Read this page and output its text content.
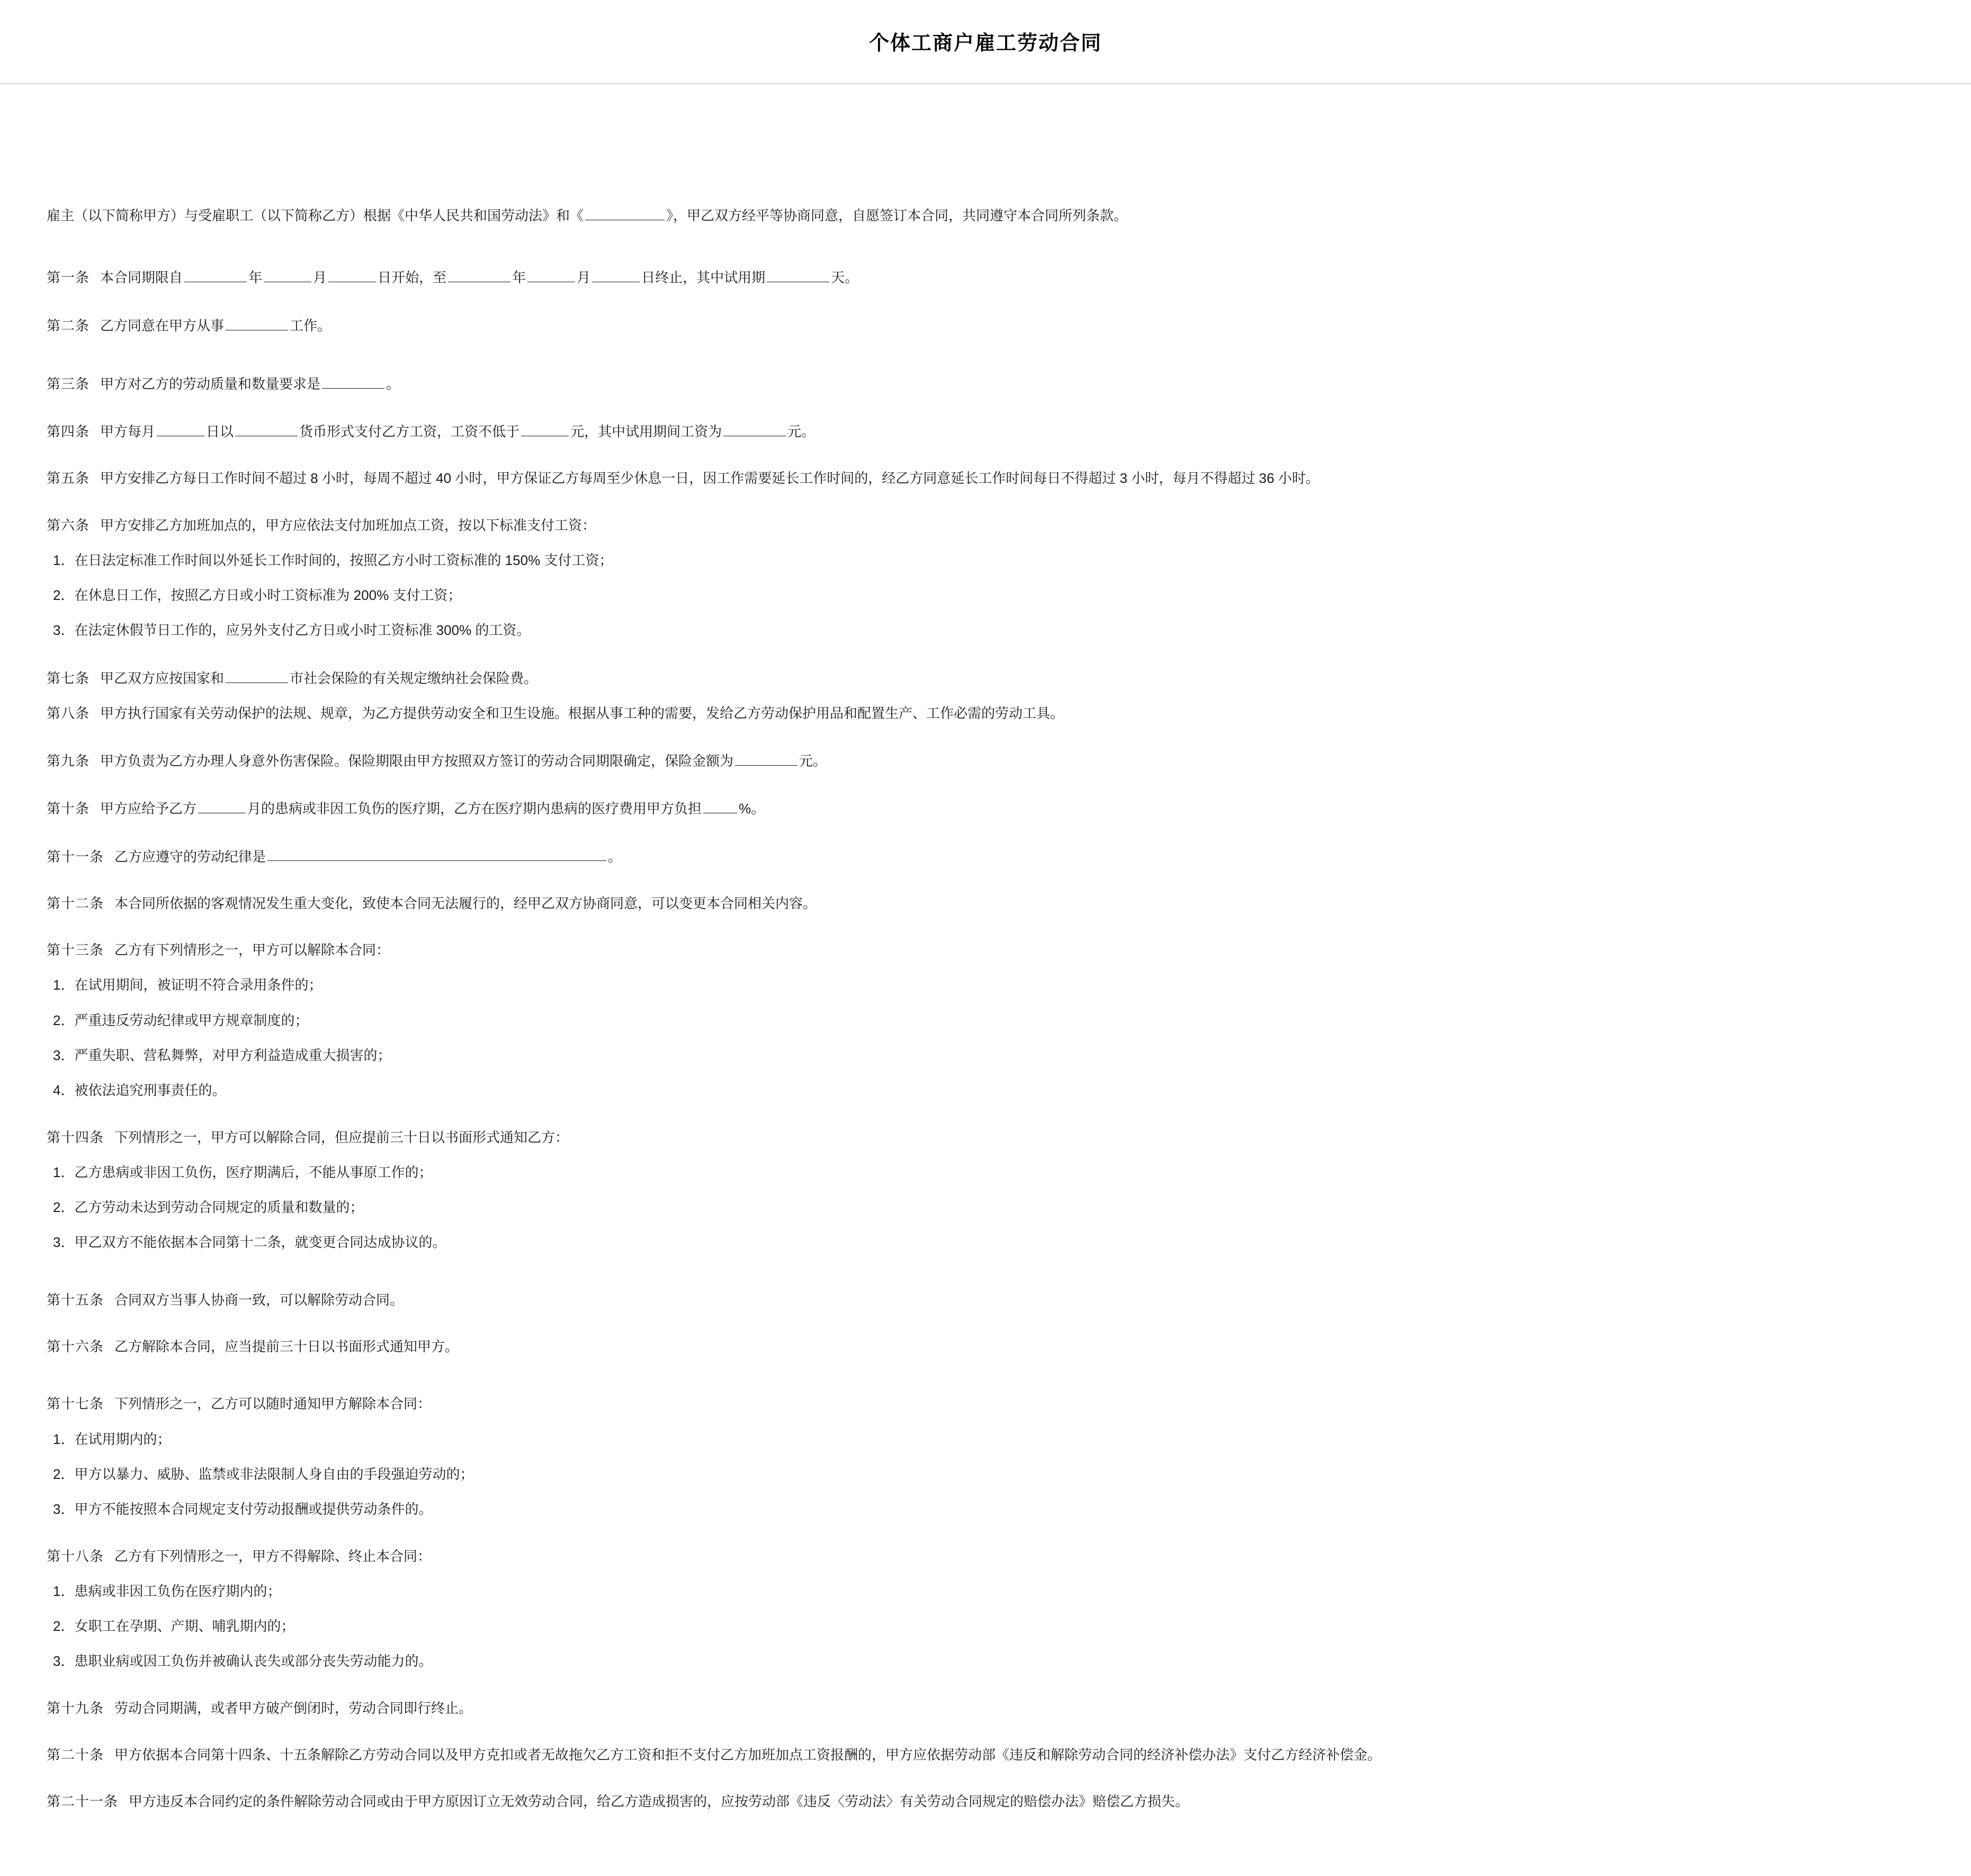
个体工商户雇工劳动合同

雇主（以下简称甲方）与受雇职工（以下简称乙方）根据《中华人民共和国劳动法》和《	》，甲乙双方经平等协商同意，自愿签订本合同，共同遵守本合同所列条款。

第一条 本合同期限自	年	月	日开始，至	年	月	日终止，其中试用期	天。

第二条 乙方同意在甲方从事	工作。

第三条 甲方对乙方的劳动质量和数量要求是	。

第四条 甲方每月	日以	货币形式支付乙方工资，工资不低于	元，其中试用期间工资为	元。

第五条 甲方安排乙方每日工作时间不超过 8 小时，每周不超过 40 小时，甲方保证乙方每周至少休息一日，因工作需要延长工作时间的，经乙方同意延长工作时间每日不得超过 3 小时，每月不得超过 36 小时。

第六条 甲方安排乙方加班加点的，甲方应依法支付加班加点工资，按以下标准支付工资：

1．在日法定标准工作时间以外延长工作时间的，按照乙方小时工资标准的 150% 支付工资；

2．在休息日工作，按照乙方日或小时工资标准为 200% 支付工资；

3．在法定休假节日工作的，应另外支付乙方日或小时工资标准 300% 的工资。

第七条 甲乙双方应按国家和	市社会保险的有关规定缴纳社会保险费。

第八条 甲方执行国家有关劳动保护的法规、规章，为乙方提供劳动安全和卫生设施。根据从事工种的需要，发给乙方劳动保护用品和配置生产、工作必需的劳动工具。

第九条 甲方负责为乙方办理人身意外伤害保险。保险期限由甲方按照双方签订的劳动合同期限确定，保险金额为	元。

第十条 甲方应给予乙方	月的患病或非因工负伤的医疗期，乙方在医疗期内患病的医疗费用甲方负担	%。

第十一条 乙方应遵守的劳动纪律是	。

第十二条 本合同所依据的客观情况发生重大变化，致使本合同无法履行的，经甲乙双方协商同意，可以变更本合同相关内容。

第十三条 乙方有下列情形之一，甲方可以解除本合同：

1．在试用期间，被证明不符合录用条件的；

2．严重违反劳动纪律或甲方规章制度的；

3．严重失职、营私舞弊，对甲方利益造成重大损害的；

4．被依法追究刑事责任的。

第十四条 下列情形之一，甲方可以解除合同，但应提前三十日以书面形式通知乙方：

1．乙方患病或非因工负伤，医疗期满后，不能从事原工作的；

2．乙方劳动未达到劳动合同规定的质量和数量的；

3．甲乙双方不能依据本合同第十二条，就变更合同达成协议的。

第十五条 合同双方当事人协商一致，可以解除劳动合同。

第十六条 乙方解除本合同，应当提前三十日以书面形式通知甲方。

第十七条 下列情形之一，乙方可以随时通知甲方解除本合同：

1．在试用期内的；

2．甲方以暴力、威胁、监禁或非法限制人身自由的手段强迫劳动的；

3．甲方不能按照本合同规定支付劳动报酬或提供劳动条件的。

第十八条 乙方有下列情形之一，甲方不得解除、终止本合同：

1．患病或非因工负伤在医疗期内的；

2．女职工在孕期、产期、哺乳期内的；

3．患职业病或因工负伤并被确认丧失或部分丧失劳动能力的。

第十九条 劳动合同期满，或者甲方破产倒闭时，劳动合同即行终止。

第二十条 甲方依据本合同第十四条、十五条解除乙方劳动合同以及甲方克扣或者无故拖欠乙方工资和拒不支付乙方加班加点工资报酬的，甲方应依据劳动部《违反和解除劳动合同的经济补偿办法》支付乙方经济补偿金。

第二十一条 甲方违反本合同约定的条件解除劳动合同或由于甲方原因订立无效劳动合同，给乙方造成损害的，应按劳动部《违反〈劳动法〉有关劳动合同规定的赔偿办法》赔偿乙方损失。
